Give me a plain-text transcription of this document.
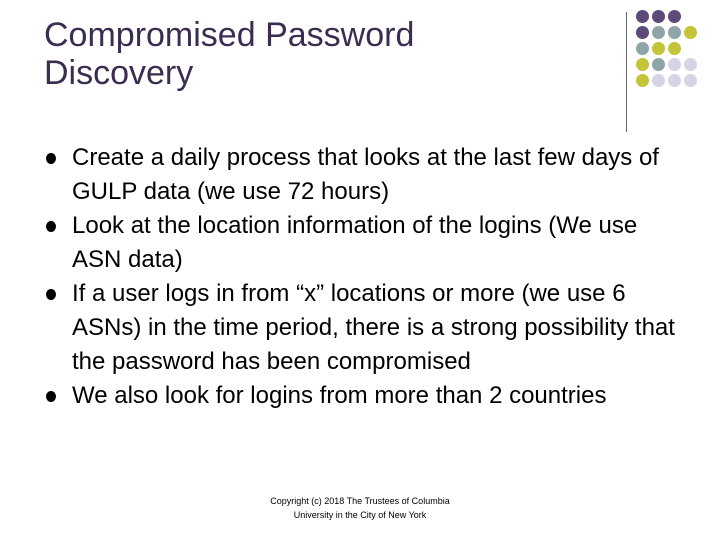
Compromised Password
Discovery
Create a daily process that looks at the last few days of GULP data (we use 72 hours)
Look at the location information of the logins (We use ASN data)
If a user logs in from “x” locations or more (we use 6 ASNs) in the time period, there is a strong possibility that the password has been compromised
We also look for logins from more than 2 countries
Copyright (c) 2018 The Trustees of Columbia
University in the City of New York
